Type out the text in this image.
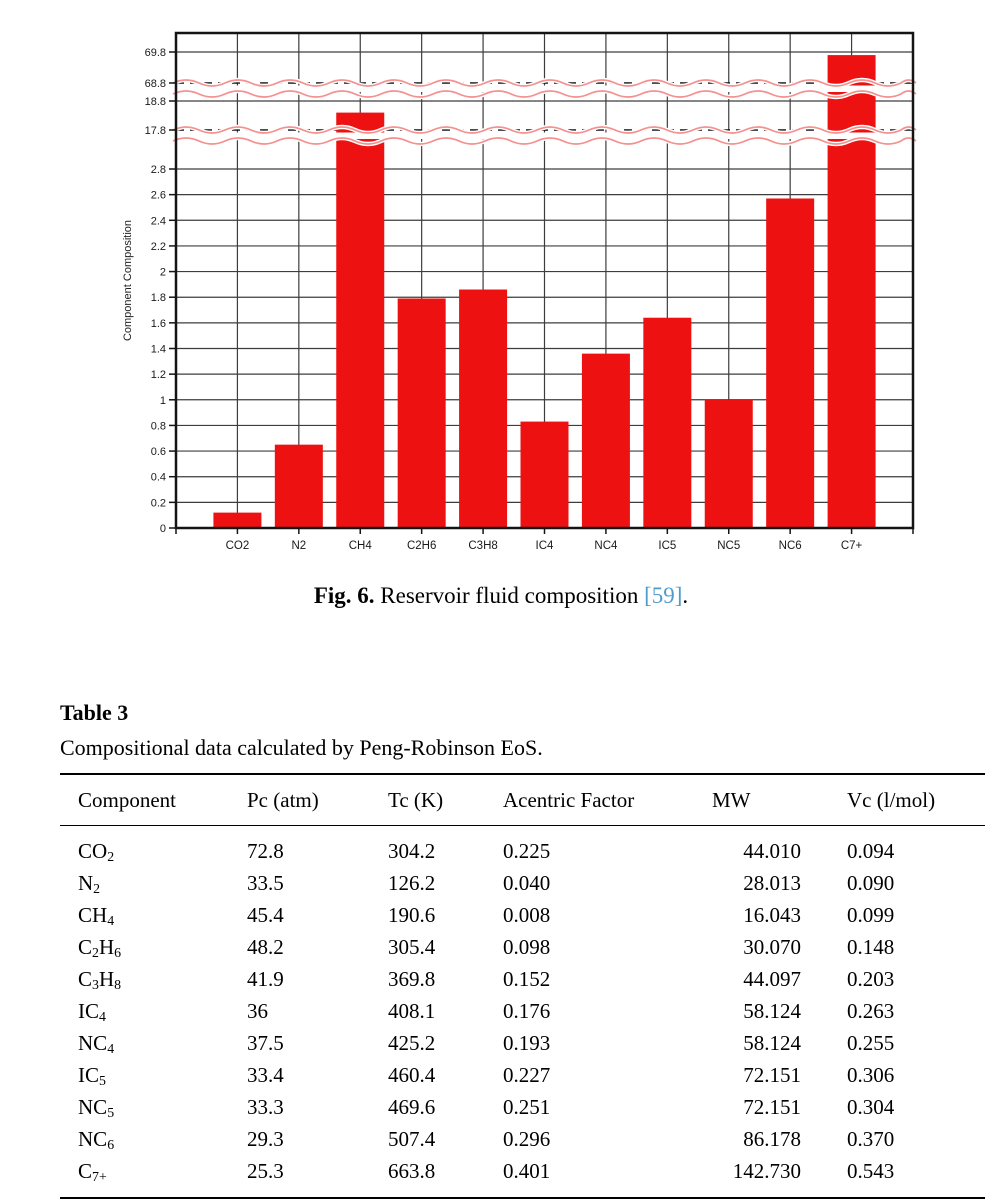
0
0.2
0.4
0.6
0.8
1
1.2
1.4
1.6
1.8
2
2.2
2.4
2.6
2.8
17.8
18.8
68.8
69.8
CO2	N2	CH4	C2H6	C3H8	IC4	NC4	IC5	NC5	NC6	C7+
Component Composition
Fig. 6. Reservoir fluid composition [59].
Table 3
Compositional data calculated by Peng-Robinson EoS.
Component	Pc (atm)	Tc (K)	Acentric Factor	MW	Vc (l/mol)
$CO_2$	72.8	304.2	0.225	44.010	0.094
$N_2$	33.5	126.2	0.040	28.013	0.090
$CH_4$	45.4	190.6	0.008	16.043	0.099
$C_2H_6$	48.2	305.4	0.098	30.070	0.148
$C_3H_8$	41.9	369.8	0.152	44.097	0.203
$IC_4$	36	408.1	0.176	58.124	0.263
$NC_4$	37.5	425.2	0.193	58.124	0.255
$IC_5$	33.4	460.4	0.227	72.151	0.306
$NC_5$	33.3	469.6	0.251	72.151	0.304
$NC_6$	29.3	507.4	0.296	86.178	0.370
$C_{7+}$	25.3	663.8	0.401	142.730	0.543
